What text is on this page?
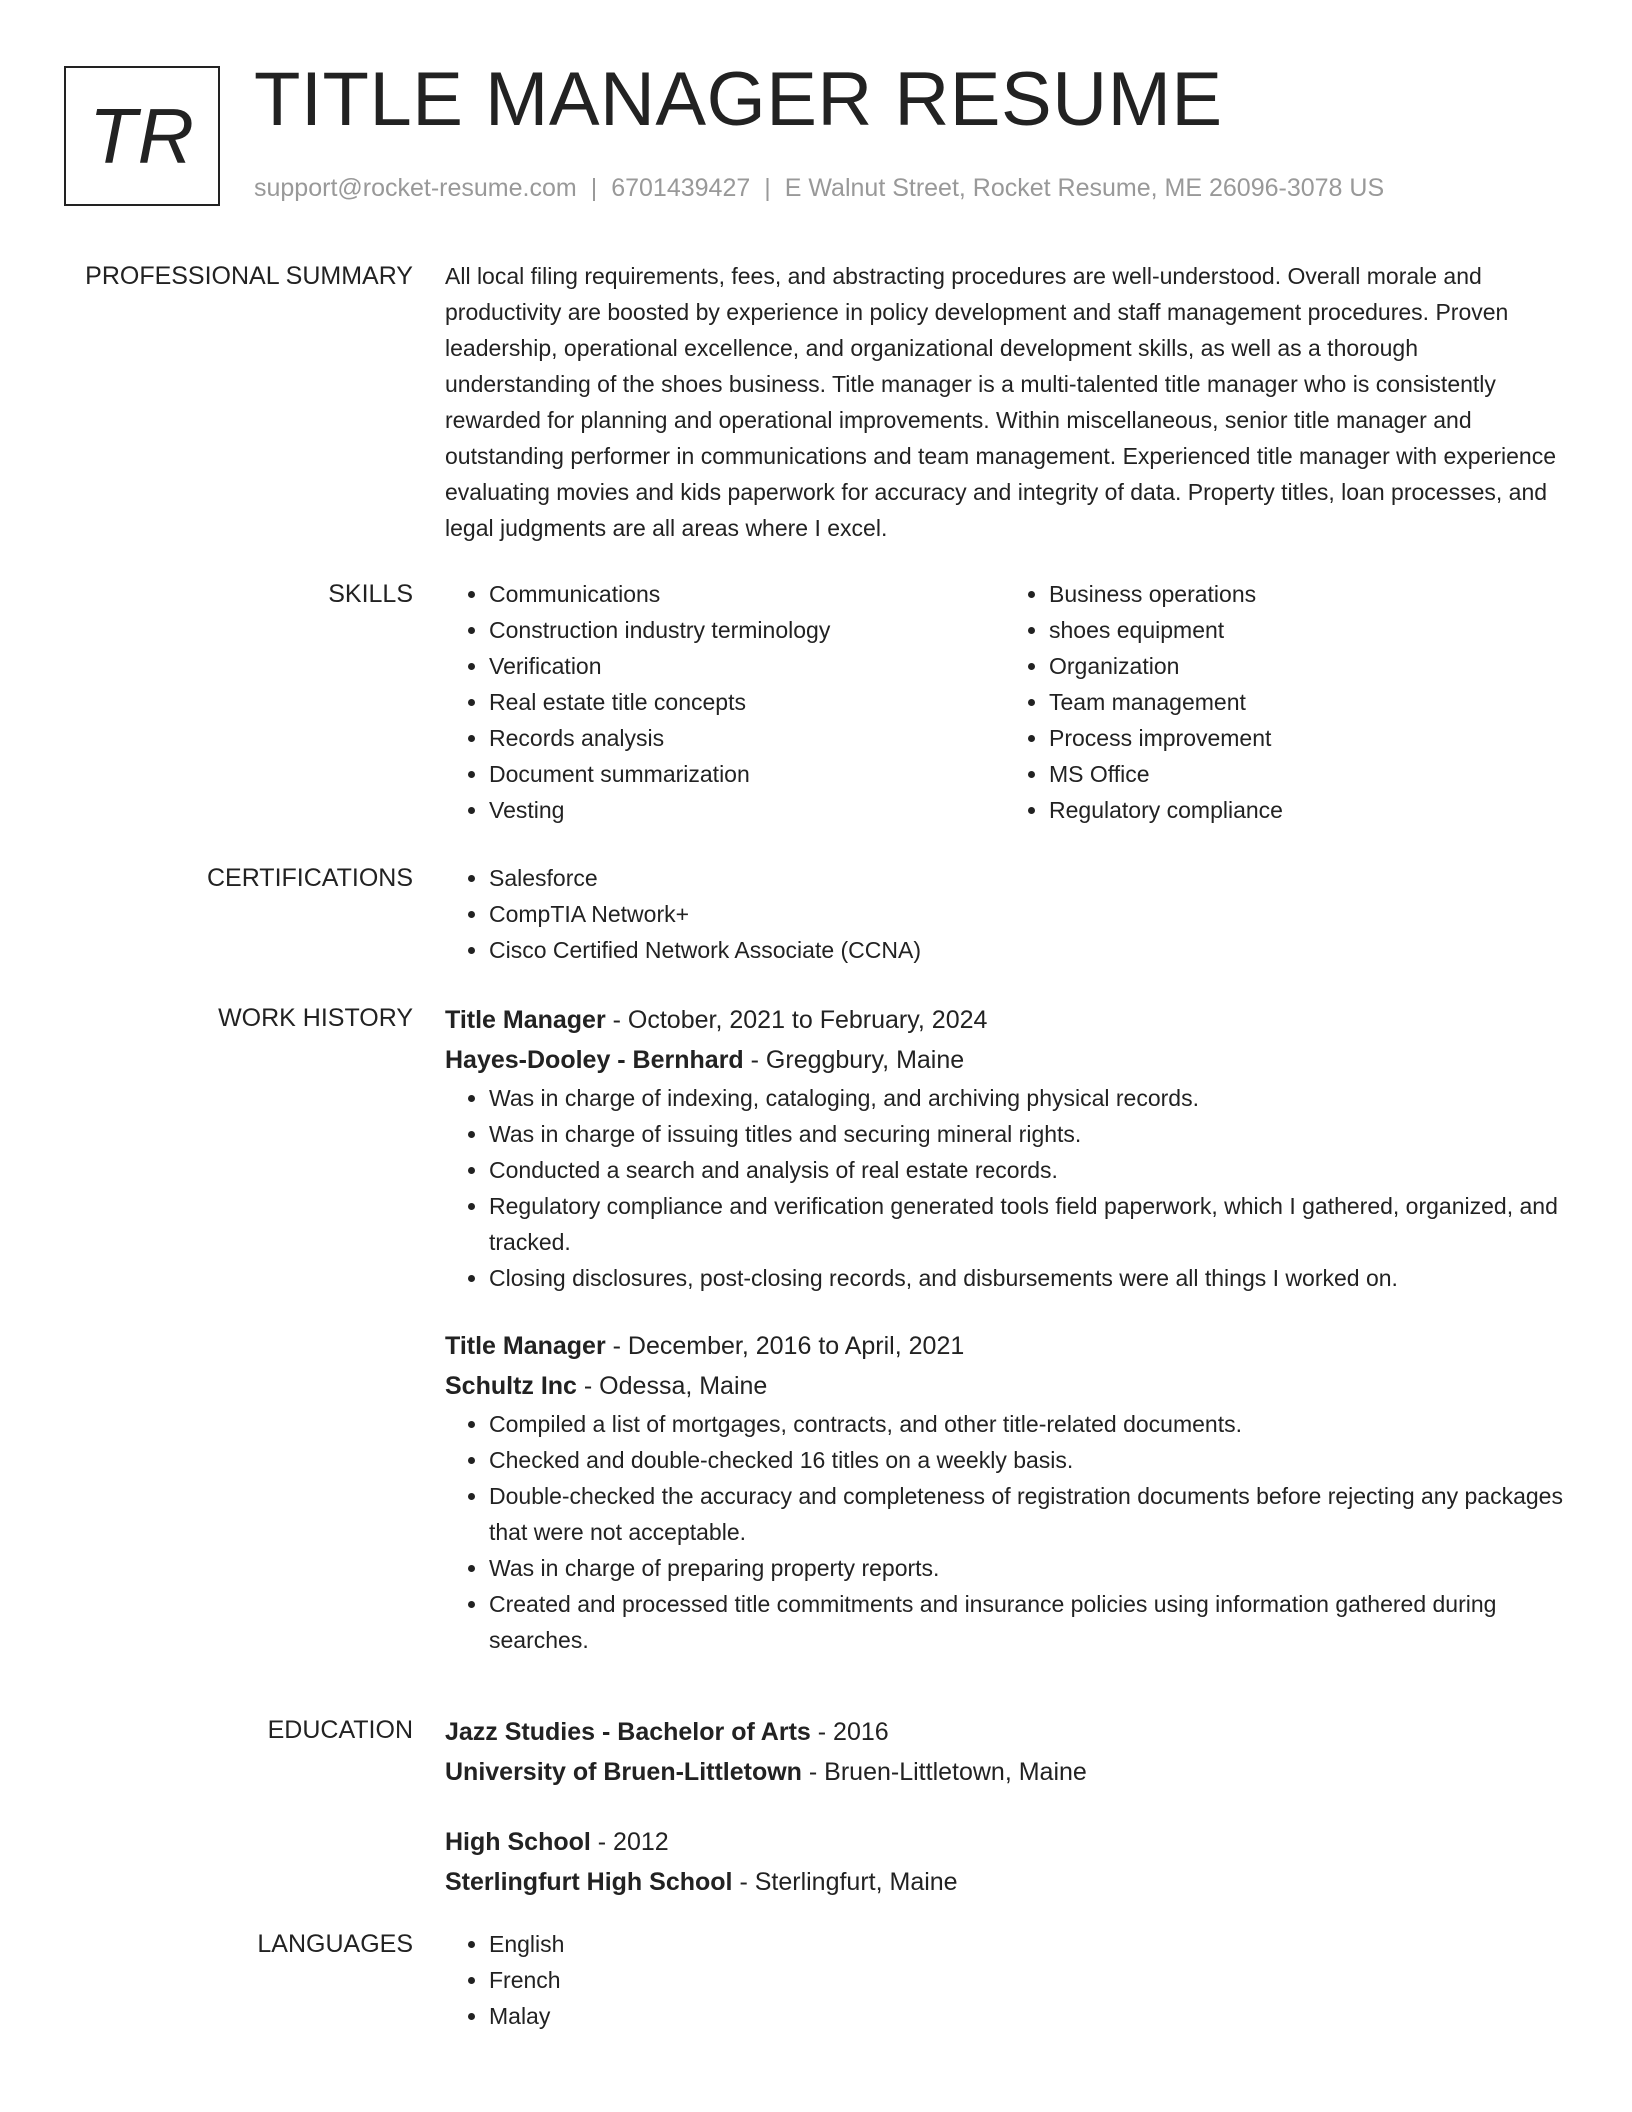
TR TITLE MANAGER RESUME
support@rocket-resume.com | 6701439427 | E Walnut Street, Rocket Resume, ME 26096-3078 US
PROFESSIONAL SUMMARY All local filing requirements, fees, and abstracting procedures are well-understood. Overall morale and productivity are boosted by experience in policy development and staff management procedures. Proven leadership, operational excellence, and organizational development skills, as well as a thorough understanding of the shoes business. Title manager is a multi-talented title manager who is consistently rewarded for planning and operational improvements. Within miscellaneous, senior title manager and outstanding performer in communications and team management. Experienced title manager with experience evaluating movies and kids paperwork for accuracy and integrity of data. Property titles, loan processes, and legal judgments are all areas where I excel.
SKILLS	• Communications
• Construction industry terminology
• Verification
• Real estate title concepts
• Records analysis
• Document summarization
• Vesting
• Business operations
• shoes equipment
• Organization
• Team management
• Process improvement
• MS Office
• Regulatory compliance
CERTIFICATIONS	• Salesforce
• CompTIA Network+
• Cisco Certified Network Associate (CCNA)
WORK HISTORY Title Manager - October, 2021 to February, 2024
Hayes-Dooley - Bernhard - Greggbury, Maine
• Was in charge of indexing, cataloging, and archiving physical records.
• Was in charge of issuing titles and securing mineral rights.
• Conducted a search and analysis of real estate records.
• Regulatory compliance and verification generated tools field paperwork, which I gathered, organized, and tracked.
• Closing disclosures, post-closing records, and disbursements were all things I worked on.
Title Manager - December, 2016 to April, 2021
Schultz Inc - Odessa, Maine
• Compiled a list of mortgages, contracts, and other title-related documents.
• Checked and double-checked 16 titles on a weekly basis.
• Double-checked the accuracy and completeness of registration documents before rejecting any packages that were not acceptable.
• Was in charge of preparing property reports.
• Created and processed title commitments and insurance policies using information gathered during searches.
EDUCATION Jazz Studies - Bachelor of Arts - 2016
University of Bruen-Littletown - Bruen-Littletown, Maine
High School - 2012
Sterlingfurt High School - Sterlingfurt, Maine
LANGUAGES	• English
• French
• Malay
